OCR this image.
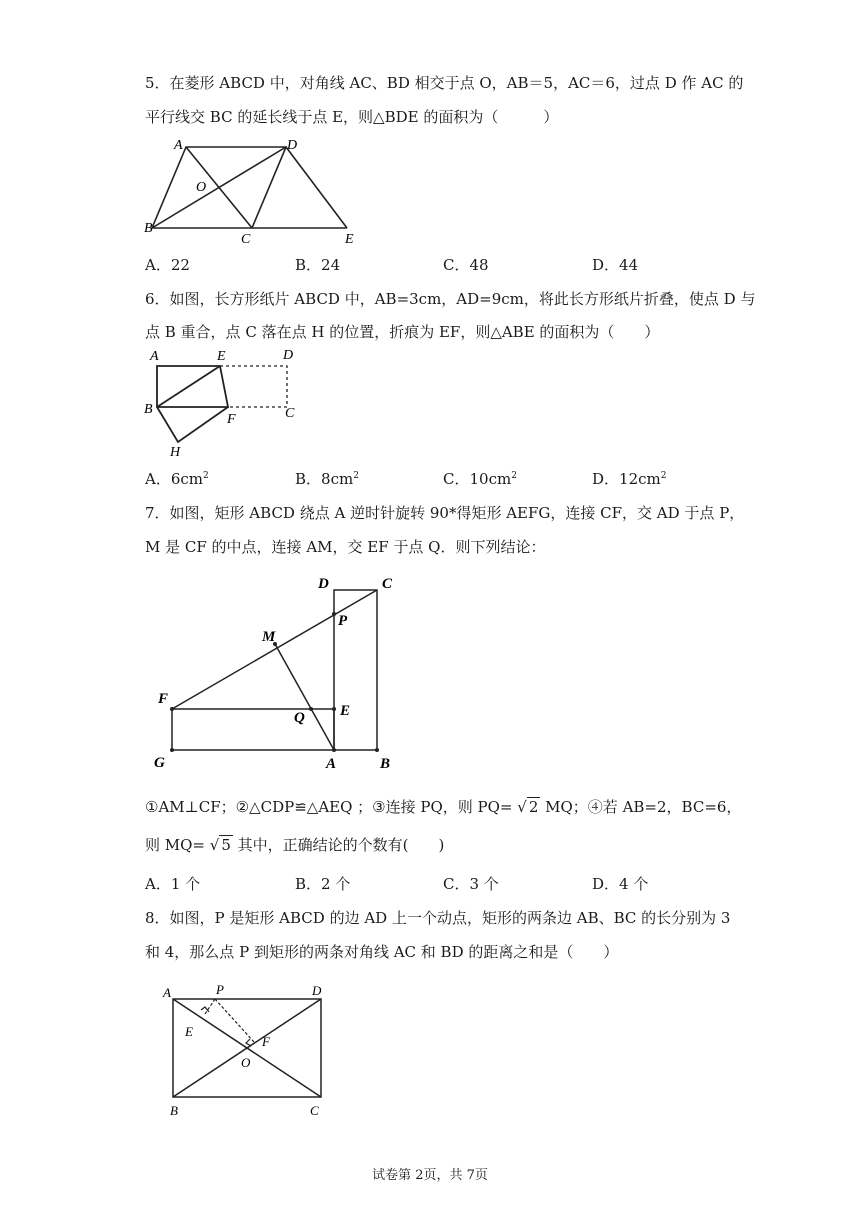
5．在菱形 ABCD 中，对角线 AC、BD 相交于点 O，AB＝5，AC＝6，过点 D 作 AC 的
平行线交 BC 的延长线于点 E，则△BDE 的面积为（　　　）
A	D
O
B
C	E
A．22	B．24	C．48	D．44
6．如图，长方形纸片 ABCD 中，AB=3cm，AD=9cm，将此长方形纸片折叠，使点 D 与
点 B 重合，点 C 落在点 H 的位置，折痕为 EF，则△ABE 的面积为（　　）
A	E	D
B
F	C
H
A．$6cm^2$	B．$8cm^2$	C．$10cm^2$	D．$12cm^2$
7．如图，矩形 ABCD 绕点 A 逆时针旋转 90*得矩形 AEFG，连接 CF，交 AD 于点 P，
M 是 CF 的中点，连接 AM，交 EF 于点 Q．则下列结论：
D	C
P
M
F
Q E
G	A	B
①AM⊥CF；②△CDP≌△AEQ ；③连接 PQ，则 PQ= √ 2 MQ；④若 AB=2，BC=6，
则 MQ= √ 5 其中，正确结论的个数有(　　)
A．1 个	B．2 个	C．3 个	D．4 个
8．如图，P 是矩形 ABCD 的边 AD 上一个动点，矩形的两条边 AB、BC 的长分别为 3
和 4，那么点 P 到矩形的两条对角线 AC 和 BD 的距离之和是（　　）
A	P	D
E
F
O
B	C
试卷第 2页，共 7页
